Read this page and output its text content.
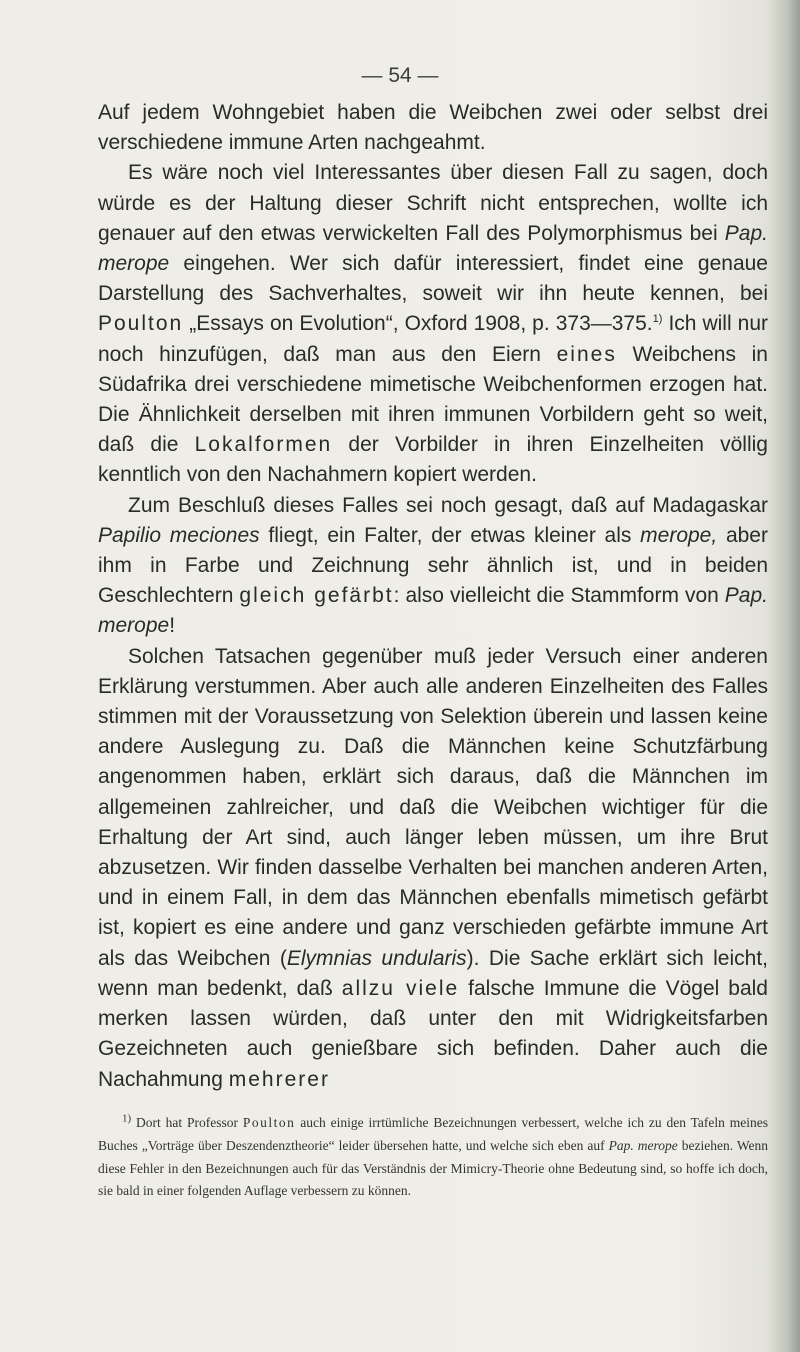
— 54 —

Auf jedem Wohngebiet haben die Weibchen zwei oder selbst drei verschiedene immune Arten nachgeahmt.

Es wäre noch viel Interessantes über diesen Fall zu sagen, doch würde es der Haltung dieser Schrift nicht entsprechen, wollte ich genauer auf den etwas verwickelten Fall des Polymorphismus bei Pap. merope eingehen. Wer sich dafür interessiert, findet eine genaue Darstellung des Sachverhaltes, soweit wir ihn heute kennen, bei Poulton „Essays on Evolution“, Oxford 1908, p. 373—375.$^{1)}$ Ich will nur noch hinzufügen, daß man aus den Eiern eines Weibchens in Südafrika drei verschiedene mimetische Weibchenformen erzogen hat. Die Ähnlichkeit derselben mit ihren immunen Vorbildern geht so weit, daß die Lokalformen der Vorbilder in ihren Einzelheiten völlig kenntlich von den Nachahmern kopiert werden.

Zum Beschluß dieses Falles sei noch gesagt, daß auf Madagaskar Papilio meciones fliegt, ein Falter, der etwas kleiner als merope, aber ihm in Farbe und Zeichnung sehr ähnlich ist, und in beiden Geschlechtern gleich gefärbt: also vielleicht die Stammform von Pap. merope!

Solchen Tatsachen gegenüber muß jeder Versuch einer anderen Erklärung verstummen. Aber auch alle anderen Einzelheiten des Falles stimmen mit der Voraussetzung von Selektion überein und lassen keine andere Auslegung zu. Daß die Männchen keine Schutzfärbung angenommen haben, erklärt sich daraus, daß die Männchen im allgemeinen zahlreicher, und daß die Weibchen wichtiger für die Erhaltung der Art sind, auch länger leben müssen, um ihre Brut abzusetzen. Wir finden dasselbe Verhalten bei manchen anderen Arten, und in einem Fall, in dem das Männchen ebenfalls mimetisch gefärbt ist, kopiert es eine andere und ganz verschieden gefärbte immune Art als das Weibchen (Elymnias undularis). Die Sache erklärt sich leicht, wenn man bedenkt, daß allzu viele falsche Immune die Vögel bald merken lassen würden, daß unter den mit Widrigkeitsfarben Gezeichneten auch genießbare sich befinden. Daher auch die Nachahmung mehrerer

$^{1)}$ Dort hat Professor Poulton auch einige irrtümliche Bezeichnungen verbessert, welche ich zu den Tafeln meines Buches „Vorträge über Deszendenztheorie“ leider übersehen hatte, und welche sich eben auf Pap. merope beziehen. Wenn diese Fehler in den Bezeichnungen auch für das Verständnis der Mimicry-Theorie ohne Bedeutung sind, so hoffe ich doch, sie bald in einer folgenden Auflage verbessern zu können.
